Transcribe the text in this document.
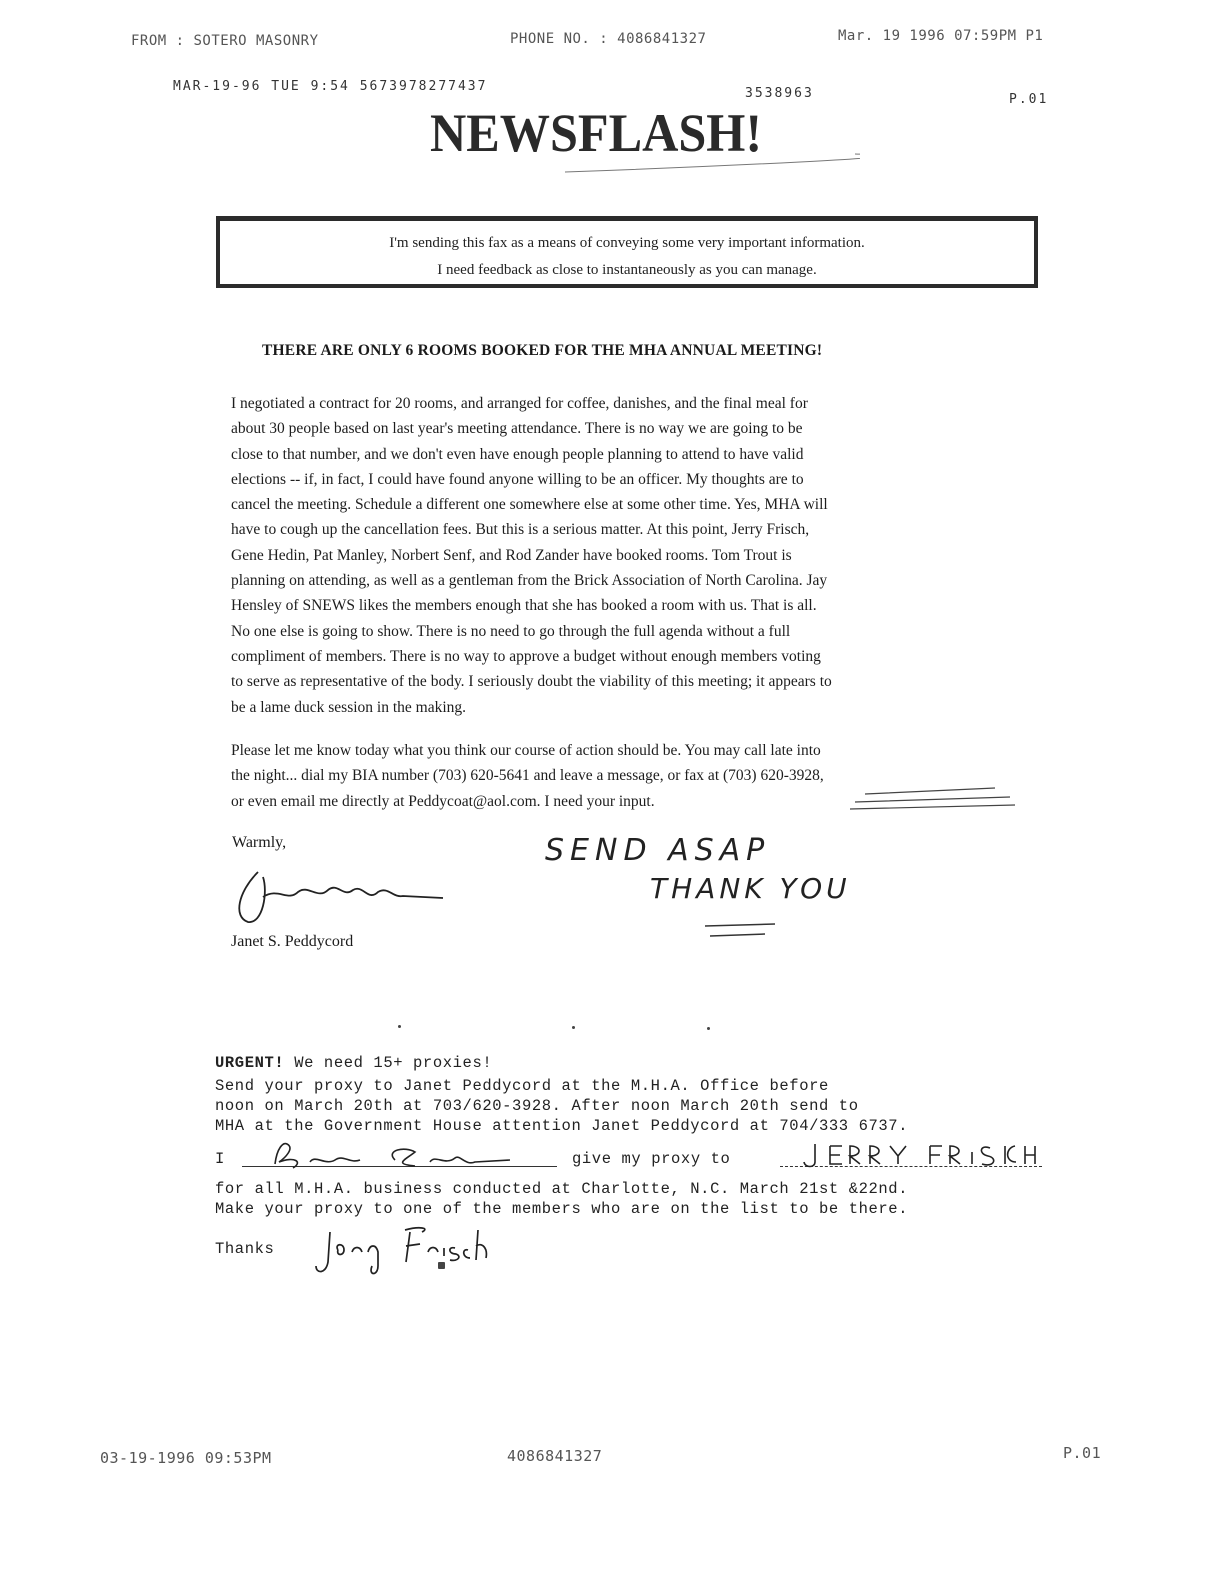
FROM : SOTERO MASONRY	PHONE NO. : 4086841327	Mar. 19 1996 07:59PM P1
MAR-19-96 TUE 9:54 5673978277437	3538963	P.01
NEWSFLASH!
I'm sending this fax as a means of conveying some very important information.
I need feedback as close to instantaneously as you can manage.
THERE ARE ONLY 6 ROOMS BOOKED FOR THE MHA ANNUAL MEETING!
I negotiated a contract for 20 rooms, and arranged for coffee, danishes, and the final meal for
about 30 people based on last year's meeting attendance. There is no way we are going to be
close to that number, and we don't even have enough people planning to attend to have valid
elections -- if, in fact, I could have found anyone willing to be an officer. My thoughts are to
cancel the meeting. Schedule a different one somewhere else at some other time. Yes, MHA will
have to cough up the cancellation fees. But this is a serious matter. At this point, Jerry Frisch,
Gene Hedin, Pat Manley, Norbert Senf, and Rod Zander have booked rooms. Tom Trout is
planning on attending, as well as a gentleman from the Brick Association of North Carolina. Jay
Hensley of SNEWS likes the members enough that she has booked a room with us. That is all.
No one else is going to show. There is no need to go through the full agenda without a full
compliment of members. There is no way to approve a budget without enough members voting
to serve as representative of the body. I seriously doubt the viability of this meeting; it appears to
be a lame duck session in the making.
Please let me know today what you think our course of action should be. You may call late into
the night... dial my BIA number (703) 620-5641 and leave a message, or fax at (703) 620-3928,
or even email me directly at Peddycoat@aol.com. I need your input.
Warmly,
Janet S. Peddycord
SEND ASAP
THANK YOU
URGENT! We need 15+ proxies!
Send your proxy to Janet Peddycord at the M.H.A. Office before
noon on March 20th at 703/620-3928. After noon March 20th send to
MHA at the Government House attention Janet Peddycord at 704/333 6737.
I	give my proxy to
for all M.H.A. business conducted at Charlotte, N.C. March 21st &22nd.
Make your proxy to one of the members who are on the list to be there.
Thanks
03-19-1996 09:53PM	4086841327	P.01
